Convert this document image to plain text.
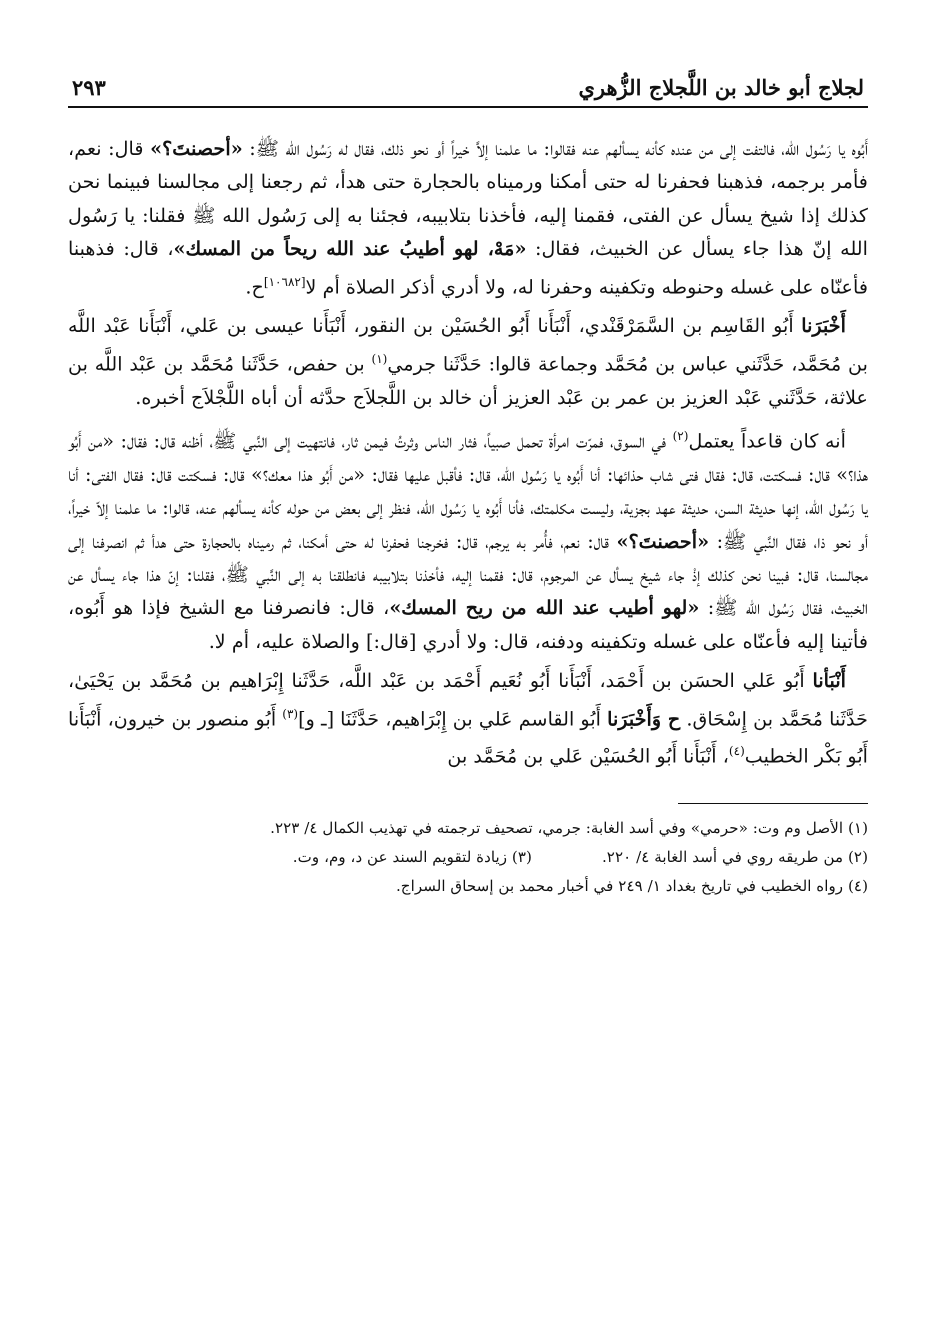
لجلاج أبو خالد بن اللَّجلاج الزُّهري
٢٩٣

أَبُوه يا رَسُول الله، فالتفت إلى من عنده كأنه يسألهم عنه فقالوا: ما علمنا إلاَّ خيراً أو نحو ذلك، فقال له رَسُول الله ﷺ: «أحصنتَ؟» قال: نعم، فأمر برجمه، فذهبنا فحفرنا له حتى أمكنا ورميناه بالحجارة حتى هدأ، ثم رجعنا إلى مجالسنا فبينما نحن كذلك إذا شيخ يسأل عن الفتى، فقمنا إليه، فأخذنا بتلابيبه، فجئنا به إلى رَسُول الله ﷺ فقلنا: يا رَسُول الله إنّ هذا جاء يسأل عن الخبيث، فقال: «مَهْ، لهو أطيبُ عند الله ريحاً من المسك»، قال: فذهبنا فأعنّاه على غسله وحنوطه وتكفينه وحفرنا له، ولا أدري أذكر الصلاة أم لا[١٠٦٨٢]ح.

أَخْبَرَنا أَبُو القَاسِم بن السَّمَرْقَنْدي، أَنْبَأَنا أَبُو الحُسَيْن بن النقور، أَنْبَأَنا عيسى بن عَلي، أَنْبَأَنا عَبْد اللَّه بن مُحَمَّد، حَدَّثَني عباس بن مُحَمَّد وجماعة قالوا: حَدَّثَنا جرمي$^{(١)}$ بن حفص، حَدَّثَنا مُحَمَّد بن عَبْد اللَّه بن علاثة، حَدَّثَني عَبْد العزيز بن عمر بن عَبْد العزيز أن خالد بن اللَّجلاَج حدَّثه أن أباه اللَّجْلاَج أخبره.

أنه كان قاعداً يعتمل$^{(٢)}$ في السوق، فمرّت امرأة تحمل صبياً، فثار الناس وثرتُ فيمن ثار، فانتهيت إلى النَّبي ﷺ، أظنه قال: فقال: «من أَبُو هذا؟» قال: فسكتت، قال: فقال فتى شاب حذائها: أنا أَبُوه يا رَسُول الله، قال: فأقبل عليها فقال: «من أَبُو هذا معك؟» قال: فسكتت قال: فقال الفتى: أنا يا رَسُول الله، إنها حديثة السن، حديثة عهد بجزية، وليست مكلمتك، فأنا أَبُوه يا رَسُول الله، فنظر إلى بعض من حوله كأنه يسألهم عنه، قالوا: ما علمنا إلاّ خيراً، أو نحو ذا، فقال النَّبي ﷺ: «أحصنتَ؟» قال: نعم، فأُمر به يرجم، قال: فخرجنا فحفرنا له حتى أمكنا، ثم رميناه بالحجارة حتى هدأ ثم انصرفنا إلى مجالسنا، قال: فبينا نحن كذلك إذْ جاء شيخ يسأل عن المرجوم، قال: فقمنا إليه، فأخذنا بتلابيبه فانطلقنا به إلى النَّبي ﷺ، فقلنا: إنّ هذا جاء يسأل عن الخبيث، فقال رَسُول الله ﷺ: «لهو أطيب عند الله من ريح المسك»، قال: فانصرفنا مع الشيخ فإذا هو أَبُوه، فأتينا إليه فأعنّاه على غسله وتكفينه ودفنه، قال: ولا أدري [قال:] والصلاة عليه، أم لا.

أَنْبَأنا أَبُو عَلي الحسَن بن أَحْمَد، أَنْبَأَنا أَبُو نُعَيم أَحْمَد بن عَبْد اللَّه، حَدَّثَنا إِبْرَاهيم بن مُحَمَّد بن يَحْيَىٰ، حَدَّثَنا مُحَمَّد بن إِسْحَاق. ح وَأَخْبَرَنا أَبُو القاسم عَلي بن إِبْرَاهيم، حَدَّثَنَا [ـ و]$^{(٣)}$ أَبُو منصور بن خيرون، أَنْبَأَنا أَبُو بَكْر الخطيب$^{(٤)}$، أَنْبَأَنا أَبُو الحُسَيْن عَلي بن مُحَمَّد بن

(١) الأصل وم وت: «حرمي» وفي أسد الغابة: جرمي، تصحيف ترجمته في تهذيب الكمال ٤/ ٢٢٣.
(٢) من طريقه روي في أسد الغابة ٤/ ٢٢٠.
(٣) زيادة لتقويم السند عن د، وم، وت.
(٤) رواه الخطيب في تاريخ بغداد ١/ ٢٤٩ في أخبار محمد بن إسحاق السراج.
